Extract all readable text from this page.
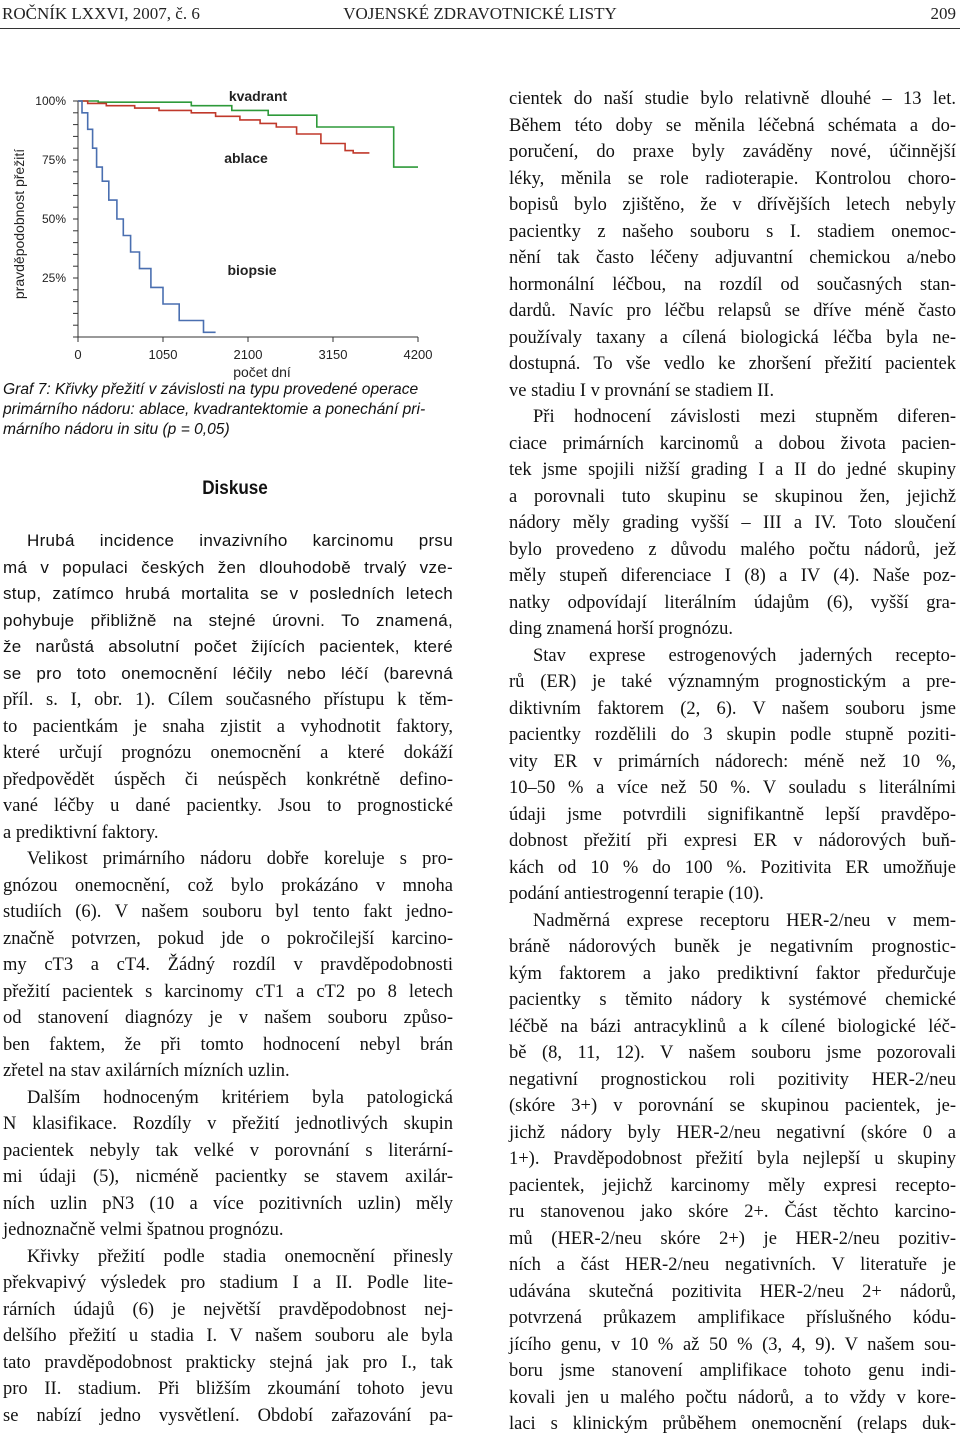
ROČNÍK LXXVI, 2007, č. 6	VOJENSKÉ ZDRAVOTNICKÉ LISTY	209
100%
75%
50%
25%
0	1050	2100	3150	4200
počet dní
pravděpodobnost přežití
kvadrant
ablace
biopsie
Graf 7: Křivky přežití v závislosti na typu provedené operace
primárního nádoru: ablace, kvadrantektomie a ponechání pri-
márního nádoru in situ (p = 0,05)
Diskuse
Hrubá incidence invazivního karcinomu prsu
má v populaci českých žen dlouhodobě trvalý vze-
stup, zatímco hrubá mortalita se v posledních letech
pohybuje přibližně na stejné úrovni. To znamená,
že narůstá absolutní počet žijících pacientek, které
se pro toto onemocnění léčily nebo léčí (barevná
příl. s. I, obr. 1). Cílem současného přístupu k těm-
to pacientkám je snaha zjistit a vyhodnotit faktory,
které určují prognózu onemocnění a které dokáží
předpovědět úspěch či neúspěch konkrétně defino-
vané léčby u dané pacientky. Jsou to prognostické
a prediktivní faktory.
Velikost primárního nádoru dobře koreluje s pro-
gnózou onemocnění, což bylo prokázáno v mnoha
studiích (6). V našem souboru byl tento fakt jedno-
značně potvrzen, pokud jde o pokročilejší karcino-
my cT3 a cT4. Žádný rozdíl v pravděpodobnosti
přežití pacientek s karcinomy cT1 a cT2 po 8 letech
od stanovení diagnózy je v našem souboru způso-
ben faktem, že při tomto hodnocení nebyl brán
zřetel na stav axilárních mízních uzlin.
Dalším hodnoceným kritériem byla patologická
N klasifikace. Rozdíly v přežití jednotlivých skupin
pacientek nebyly tak velké v porovnání s literární-
mi údaji (5), nicméně pacientky se stavem axilár-
ních uzlin pN3 (10 a více pozitivních uzlin) měly
jednoznačně velmi špatnou prognózu.
Křivky přežití podle stadia onemocnění přinesly
překvapivý výsledek pro stadium I a II. Podle lite-
rárních údajů (6) je největší pravděpodobnost nej-
delšího přežití u stadia I. V našem souboru ale byla
tato pravděpodobnost prakticky stejná jak pro I., tak
pro II. stadium. Při bližším zkoumání tohoto jevu
se nabízí jedno vysvětlení. Období zařazování pa-
cientek do naší studie bylo relativně dlouhé – 13 let.
Během této doby se měnila léčebná schémata a do-
poručení, do praxe byly zaváděny nové, účinnější
léky, měnila se role radioterapie. Kontrolou choro-
bopisů bylo zjištěno, že v dřívějších letech nebyly
pacientky z našeho souboru s I. stadiem onemoc-
nění tak často léčeny adjuvantní chemickou a/nebo
hormonální léčbou, na rozdíl od současných stan-
dardů. Navíc pro léčbu relapsů se dříve méně často
používaly taxany a cílená biologická léčba byla ne-
dostupná. To vše vedlo ke zhoršení přežití pacientek
ve stadiu I v provnání se stadiem II.
Při hodnocení závislosti mezi stupněm diferen-
ciace primárních karcinomů a dobou života pacien-
tek jsme spojili nižší grading I a II do jedné skupiny
a porovnali tuto skupinu se skupinou žen, jejichž
nádory měly grading vyšší – III a IV. Toto sloučení
bylo provedeno z důvodu malého počtu nádorů, jež
měly stupeň diferenciace I (8) a IV (4). Naše poz-
natky odpovídají literálním údajům (6), vyšší gra-
ding znamená horší prognózu.
Stav exprese estrogenových jaderných recepto-
rů (ER) je také významným prognostickým a pre-
diktivním faktorem (2, 6). V našem souboru jsme
pacientky rozdělili do 3 skupin podle stupně poziti-
vity ER v primárních nádorech: méně než 10 %,
10–50 % a více než 50 %. V souladu s literálními
údaji jsme potvrdili signifikantně lepší pravděpo-
dobnost přežití při expresi ER v nádorových buň-
kách od 10 % do 100 %. Pozitivita ER umožňuje
podání antiestrogenní terapie (10).
Nadměrná exprese receptoru HER-2/neu v mem-
bráně nádorových buněk je negativním prognostic-
kým faktorem a jako prediktivní faktor předurčuje
pacientky s těmito nádory k systémové chemické
léčbě na bázi antracyklinů a k cílené biologické léč-
bě (8, 11, 12). V našem souboru jsme pozorovali
negativní prognostickou roli pozitivity HER-2/neu
(skóre 3+) v porovnání se skupinou pacientek, je-
jichž nádory byly HER-2/neu negativní (skóre 0 a
1+). Pravděpodobnost přežití byla nejlepší u skupiny
pacientek, jejichž karcinomy měly expresi recepto-
ru stanovenou jako skóre 2+. Část těchto karcino-
mů (HER-2/neu skóre 2+) je HER-2/neu pozitiv-
ních a část HER-2/neu negativních. V literatuře je
udávána skutečná pozitivita HER-2/neu 2+ nádorů,
potvrzená průkazem amplifikace příslušného kódu-
jícího genu, v 10 % až 50 % (3, 4, 9). V našem sou-
boru jsme stanovení amplifikace tohoto genu indi-
kovali jen u malého počtu nádorů, a to vždy v kore-
laci s klinickým průběhem onemocnění (relaps duk-
